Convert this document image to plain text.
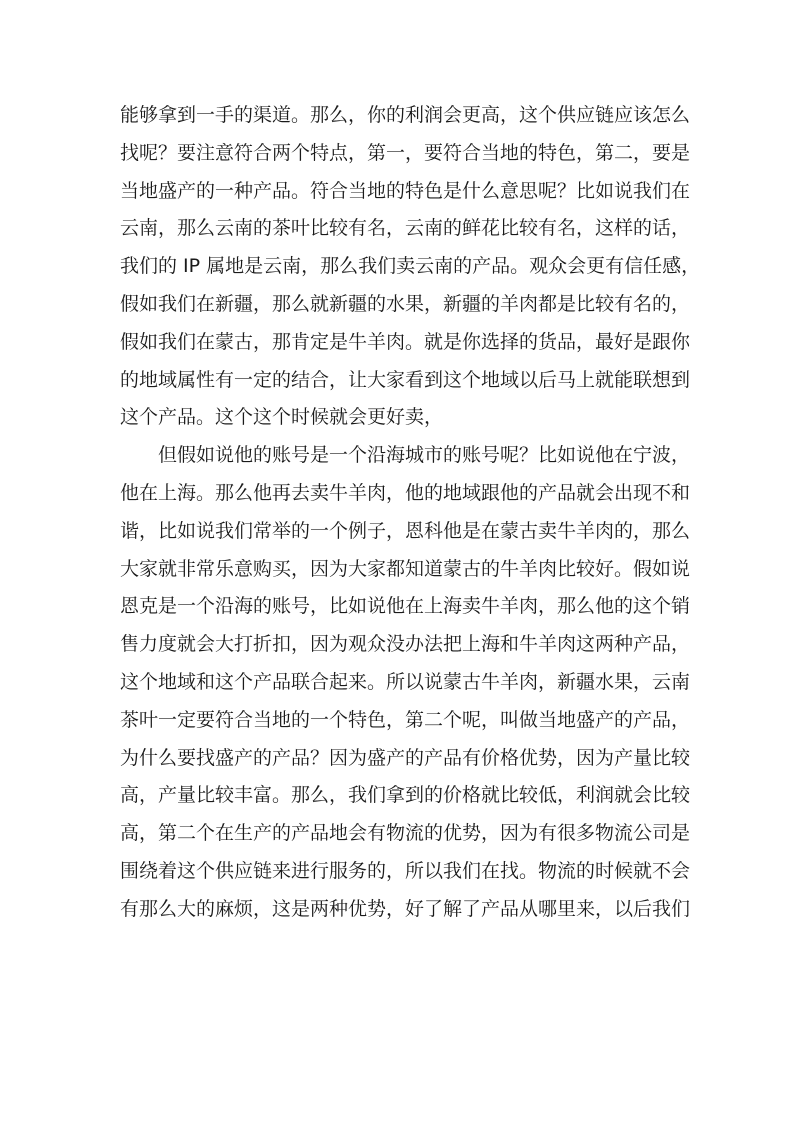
能够拿到一手的渠道。那么，你的利润会更高，这个供应链应该怎么
找呢？要注意符合两个特点，第一，要符合当地的特色，第二，要是
当地盛产的一种产品。符合当地的特色是什么意思呢？比如说我们在
云南，那么云南的茶叶比较有名，云南的鲜花比较有名，这样的话，
我们的 IP 属地是云南，那么我们卖云南的产品。观众会更有信任感，
假如我们在新疆，那么就新疆的水果，新疆的羊肉都是比较有名的，
假如我们在蒙古，那肯定是牛羊肉。就是你选择的货品，最好是跟你
的地域属性有一定的结合，让大家看到这个地域以后马上就能联想到
这个产品。这个这个时候就会更好卖，
但假如说他的账号是一个沿海城市的账号呢？比如说他在宁波，
他在上海。那么他再去卖牛羊肉，他的地域跟他的产品就会出现不和
谐，比如说我们常举的一个例子，恩科他是在蒙古卖牛羊肉的，那么
大家就非常乐意购买，因为大家都知道蒙古的牛羊肉比较好。假如说
恩克是一个沿海的账号，比如说他在上海卖牛羊肉，那么他的这个销
售力度就会大打折扣，因为观众没办法把上海和牛羊肉这两种产品，
这个地域和这个产品联合起来。所以说蒙古牛羊肉，新疆水果，云南
茶叶一定要符合当地的一个特色，第二个呢，叫做当地盛产的产品，
为什么要找盛产的产品？因为盛产的产品有价格优势，因为产量比较
高，产量比较丰富。那么，我们拿到的价格就比较低，利润就会比较
高，第二个在生产的产品地会有物流的优势，因为有很多物流公司是
围绕着这个供应链来进行服务的，所以我们在找。物流的时候就不会
有那么大的麻烦，这是两种优势，好了解了产品从哪里来，以后我们
